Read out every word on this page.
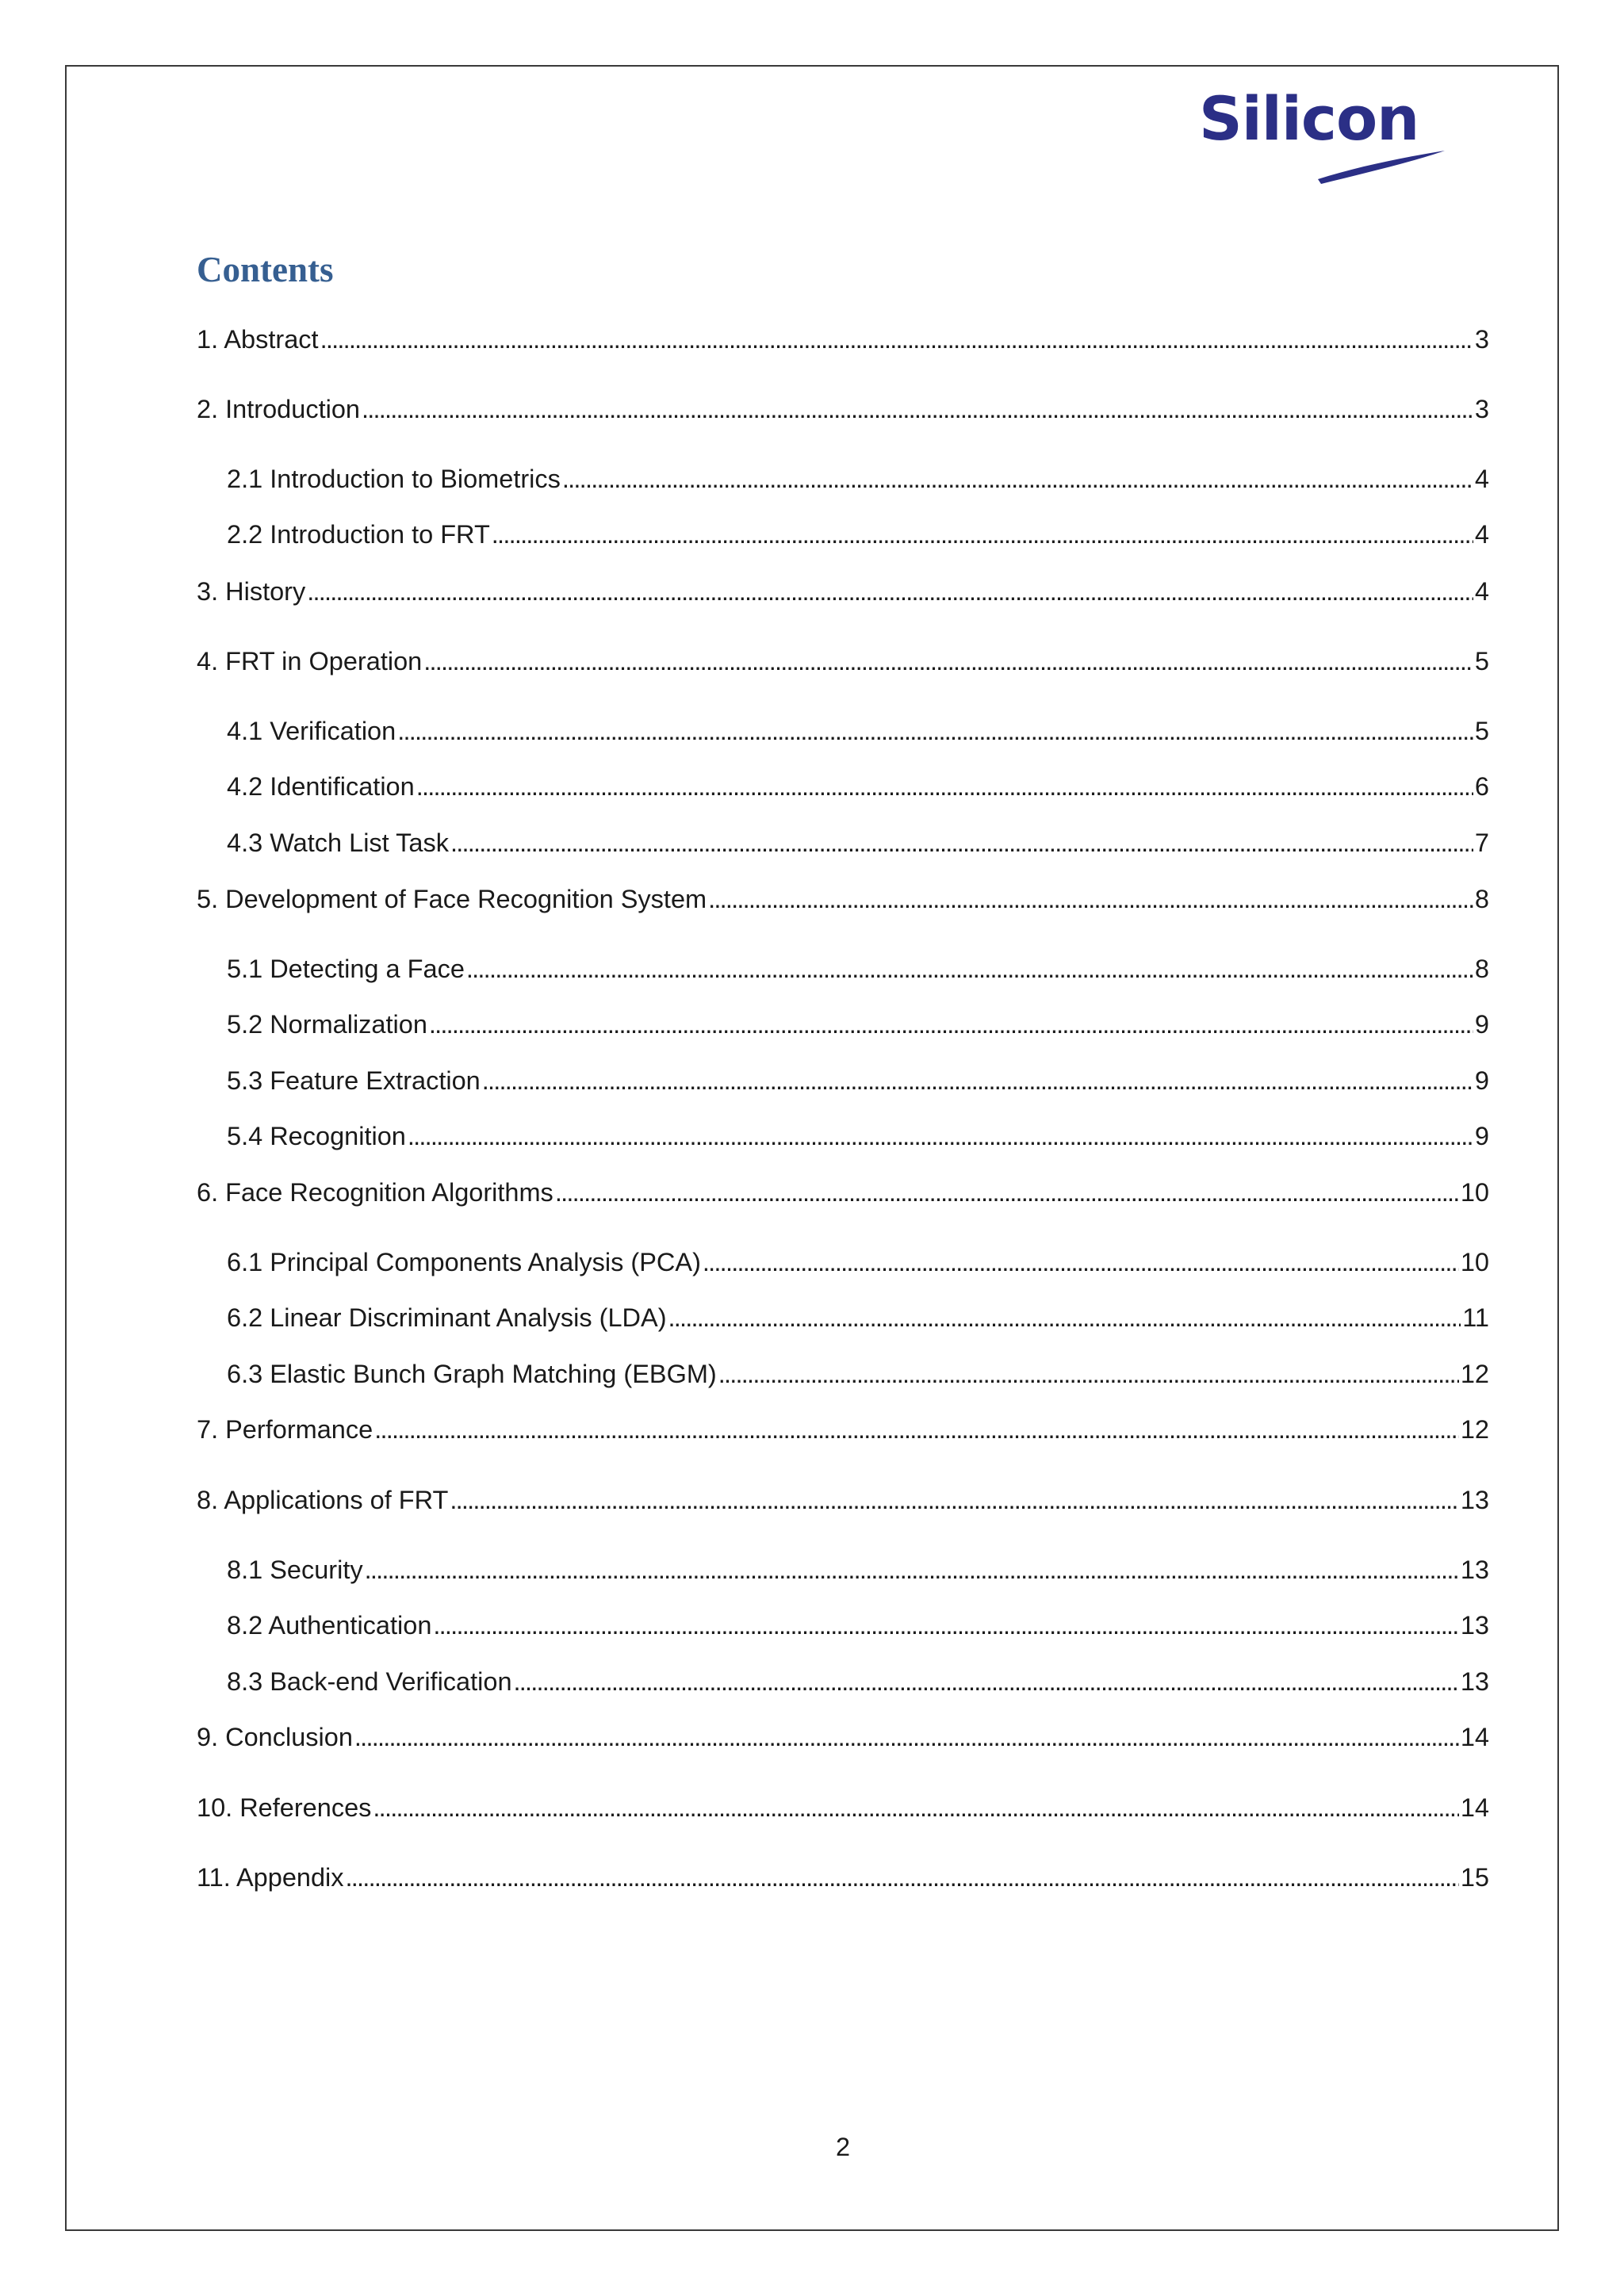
Silicon
Contents
1. Abstract . . .	3
2. Introduction . . .	3
2.1 Introduction to Biometrics . . .	4
2.2 Introduction to FRT . . .	4
3. History . . .	4
4. FRT in Operation . . .	5
4.1 Verification . . .	5
4.2 Identification . . .	6
4.3 Watch List Task . . .	7
5. Development of Face Recognition System . . .	8
5.1 Detecting a Face . . .	8
5.2 Normalization . . .	9
5.3 Feature Extraction . . .	9
5.4 Recognition . . .	9
6. Face Recognition Algorithms . . .	10
6.1 Principal Components Analysis (PCA) . . .	10
6.2 Linear Discriminant Analysis (LDA) . . .	11
6.3 Elastic Bunch Graph Matching (EBGM) . . .	12
7. Performance . . .	12
8. Applications of FRT . . .	13
8.1 Security . . .	13
8.2 Authentication . . .	13
8.3 Back-end Verification . . .	13
9. Conclusion . . .	14
10. References . . .	14
11. Appendix . . .	15
2
